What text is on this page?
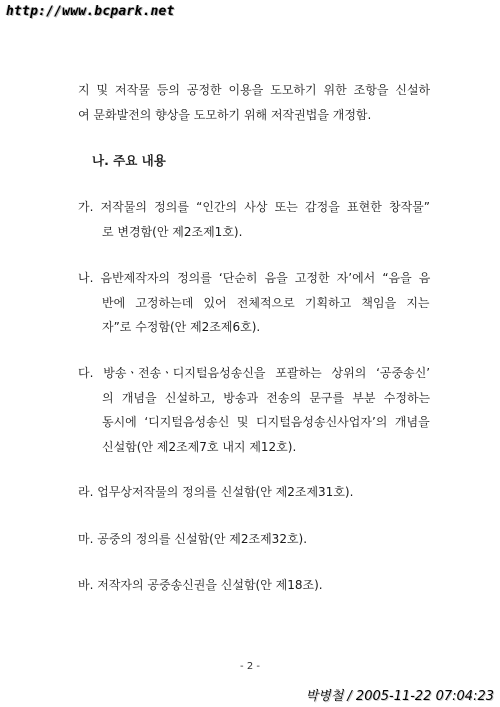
http://www.bcpark.net
지 및 저작물 등의 공정한 이용을 도모하기 위한 조항을 신설하
여 문화발전의 향상을 도모하기 위해 저작권법을 개정함.
나. 주요 내용
가. 저작물의 정의를 “인간의 사상 또는 감정을 표현한 창작물”
로 변경함(안 제2조제1호).
나. 음반제작자의 정의를 ‘단순히 음을 고정한 자’에서 “음을 음
반에 고정하는데 있어 전체적으로 기획하고 책임을 지는
자”로 수정함(안 제2조제6호).
다. 방송ㆍ전송ㆍ디지털음성송신을 포괄하는 상위의 ‘공중송신’
의 개념을 신설하고, 방송과 전송의 문구를 부분 수정하는
동시에 ‘디지털음성송신 및 디지털음성송신사업자’의 개념을
신설함(안 제2조제7호 내지 제12호).
라. 업무상저작물의 정의를 신설함(안 제2조제31호).
마. 공중의 정의를 신설함(안 제2조제32호).
바. 저작자의 공중송신권을 신설함(안 제18조).
- 2 -
박병철 / 2005-11-22 07:04:23
